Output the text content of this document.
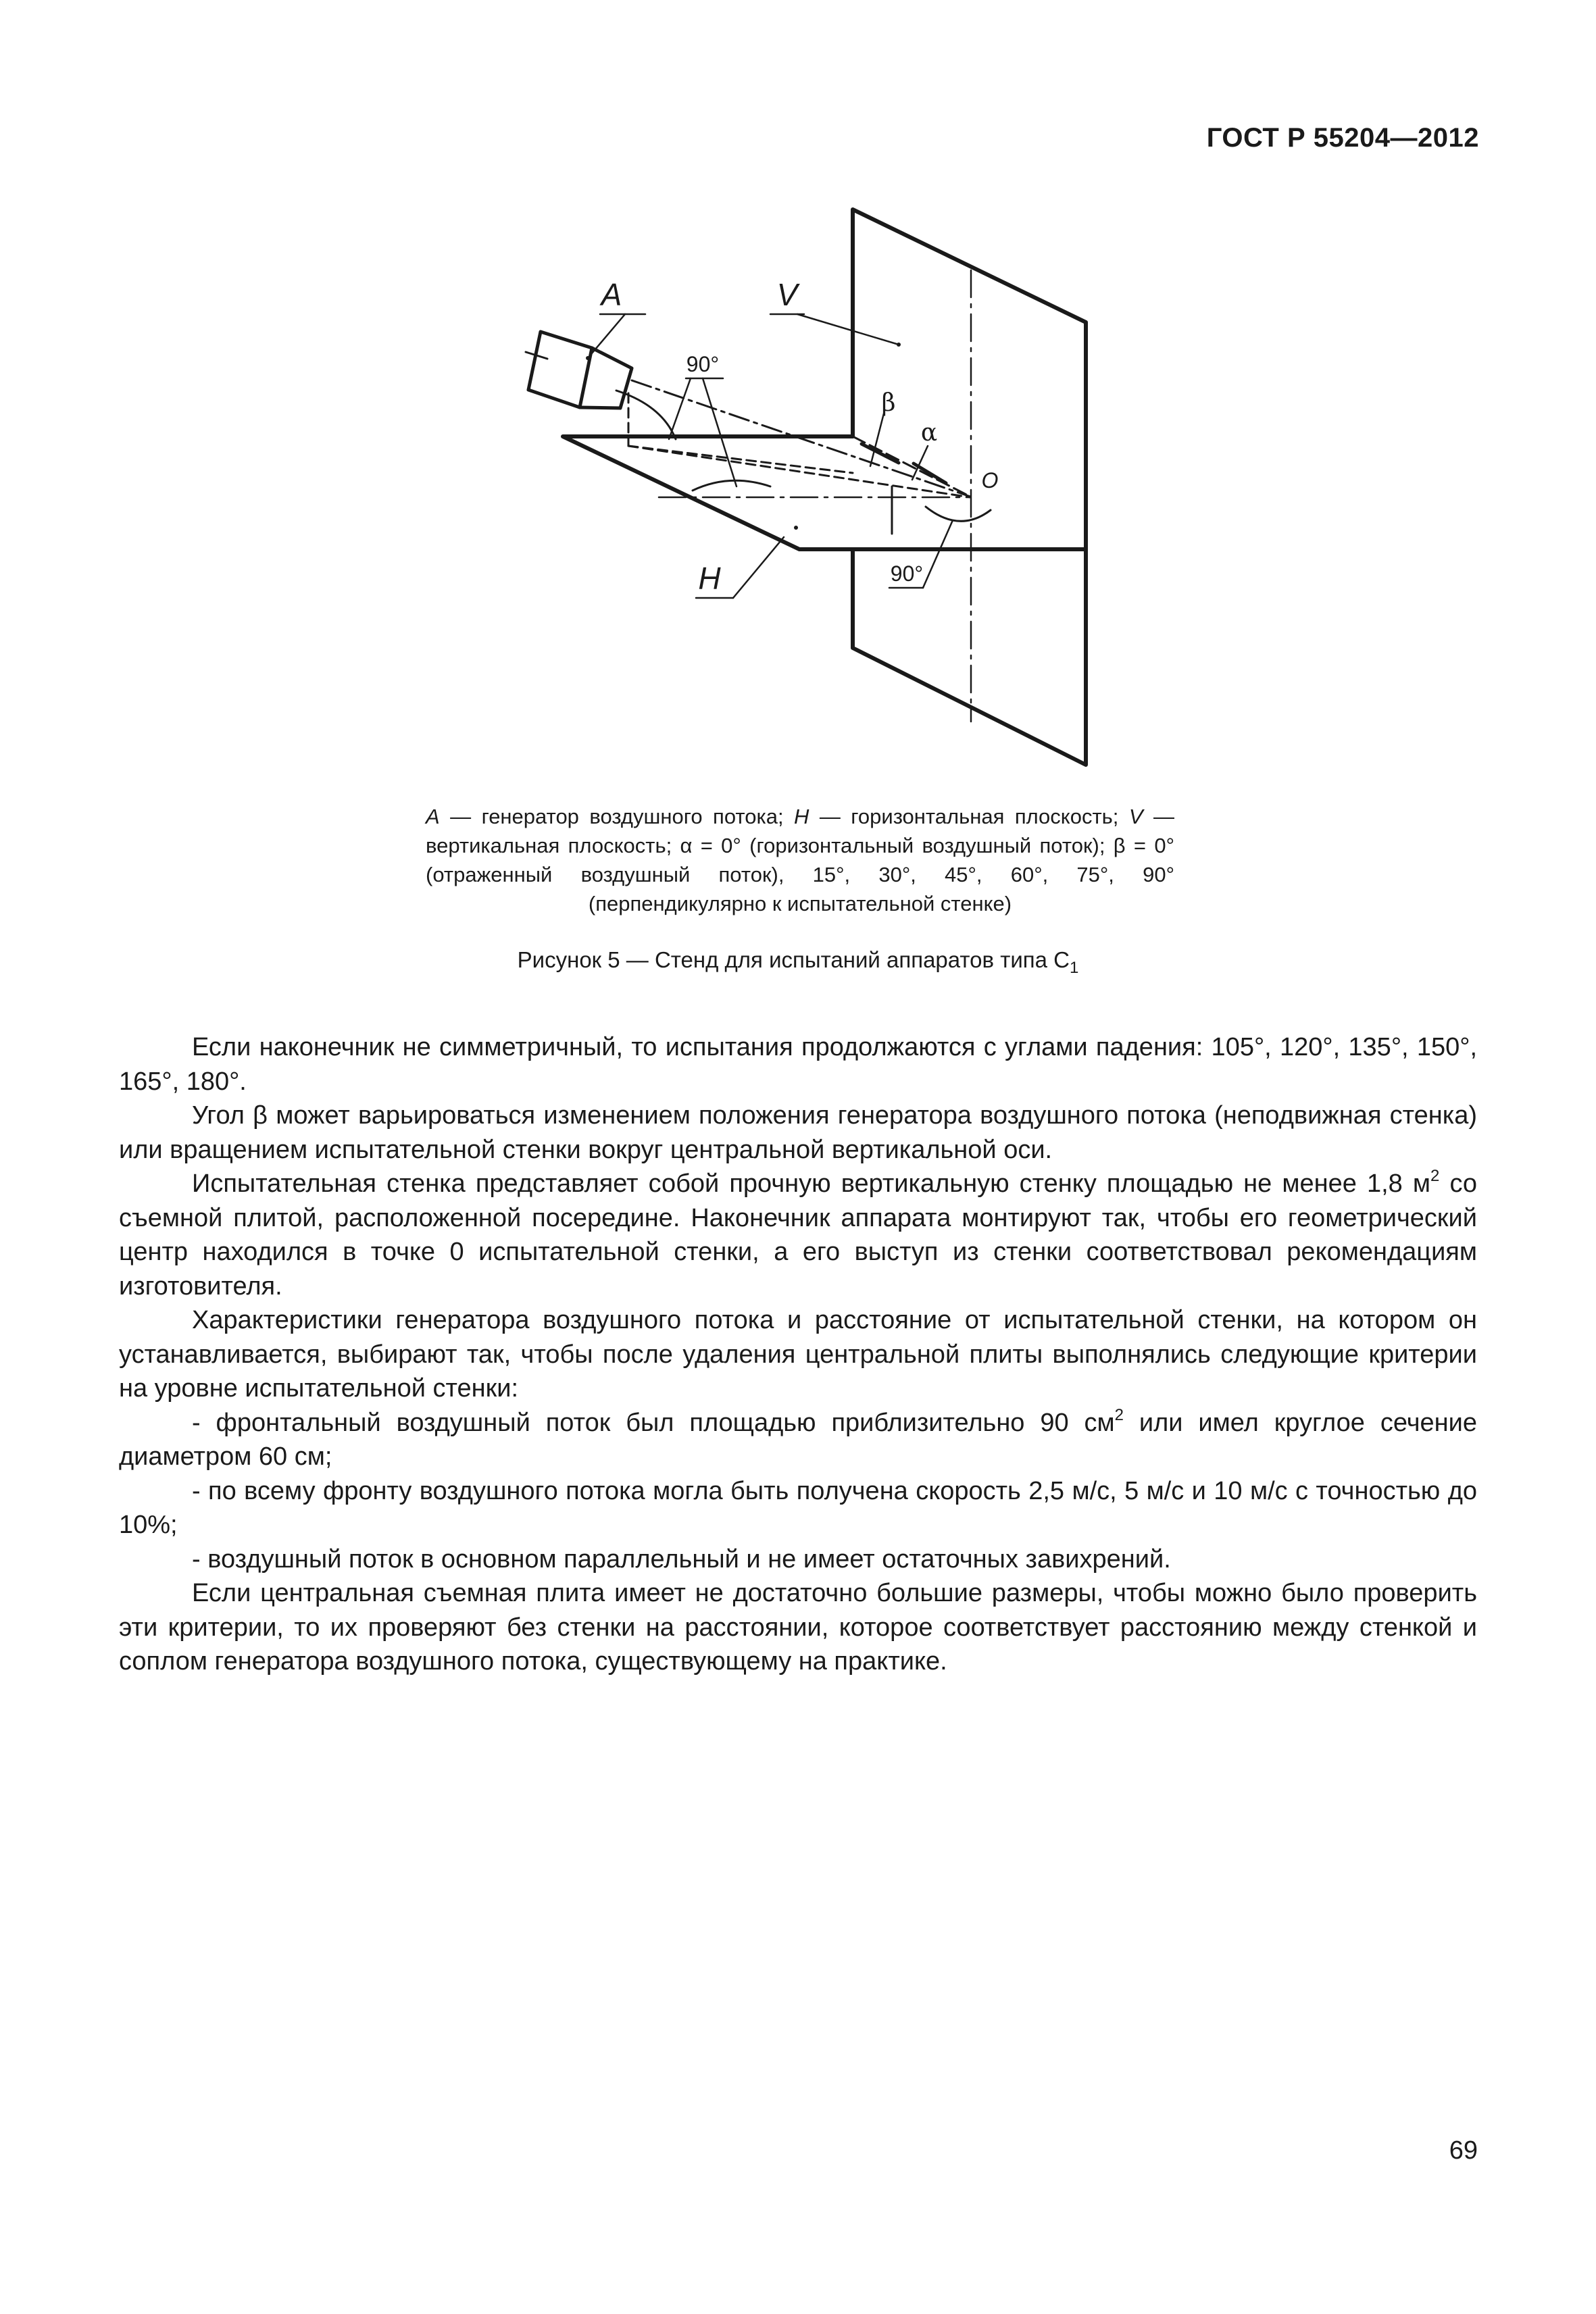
ГОСТ Р 55204—2012
A	V
H
90°
90°
β
α
O
A — генератор воздушного потока; H — горизонтальная плоскость; V — вертикальная плоскость; α = 0° (горизонтальный воздушный поток); β = 0° (отраженный воздушный поток), 15°, 30°, 45°, 60°, 75°, 90° (перпендикулярно к испытательной стенке)
Рисунок 5 — Стенд для испытаний аппаратов типа $С_1$

Если наконечник не симметричный, то испытания продолжаются с углами падения: 105°, 120°, 135°, 150°, 165°, 180°.

Угол β может варьироваться изменением положения генератора воздушного потока (неподвижная стенка) или вращением испытательной стенки вокруг центральной вертикальной оси.

Испытательная стенка представляет собой прочную вертикальную стенку площадью не менее 1,8 $м^2$ со съемной плитой, расположенной посередине. Наконечник аппарата монтируют так, чтобы его геометрический центр находился в точке 0 испытательной стенки, а его выступ из стенки соответствовал рекомендациям изготовителя.

Характеристики генератора воздушного потока и расстояние от испытательной стенки, на котором он устанавливается, выбирают так, чтобы после удаления центральной плиты выполнялись следующие критерии на уровне испытательной стенки:

- фронтальный воздушный поток был площадью приблизительно 90 $см^2$ или имел круглое сечение диаметром 60 см;

- по всему фронту воздушного потока могла быть получена скорость 2,5 м/с, 5 м/с и 10 м/с с точностью до 10%;

- воздушный поток в основном параллельный и не имеет остаточных завихрений.

Если центральная съемная плита имеет не достаточно большие размеры, чтобы можно было проверить эти критерии, то их проверяют без стенки на расстоянии, которое соответствует расстоянию между стенкой и соплом генератора воздушного потока, существующему на практике.

69
